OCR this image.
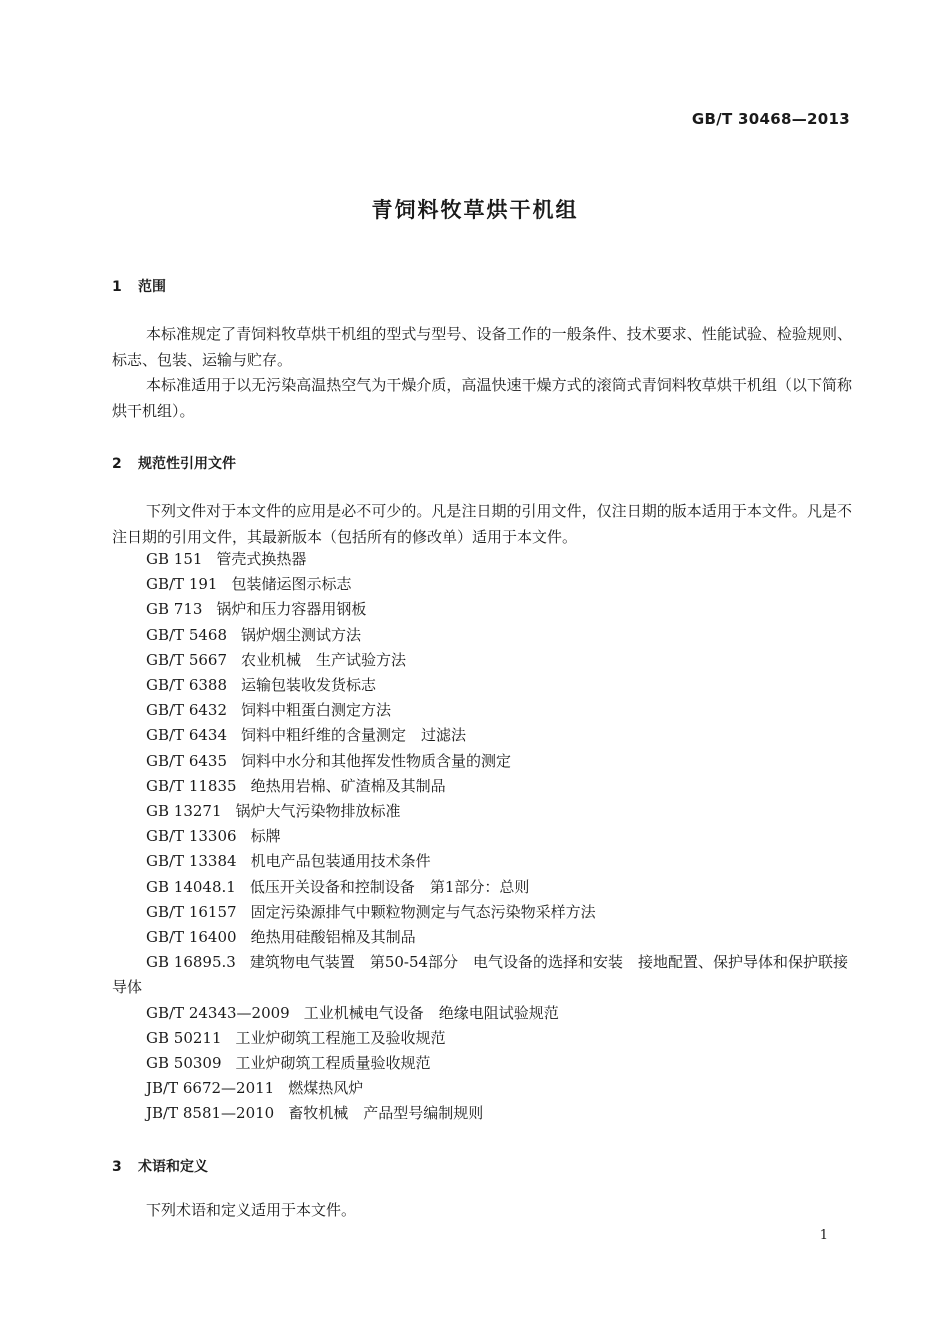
GB/T 30468—2013
青饲料牧草烘干机组
1 范围

本标准规定了青饲料牧草烘干机组的型式与型号、设备工作的一般条件、技术要求、性能试验、检验规则、标志、包装、运输与贮存。

本标准适用于以无污染高温热空气为干燥介质，高温快速干燥方式的滚筒式青饲料牧草烘干机组（以下简称烘干机组）。

2 规范性引用文件

下列文件对于本文件的应用是必不可少的。凡是注日期的引用文件，仅注日期的版本适用于本文件。凡是不注日期的引用文件，其最新版本（包括所有的修改单）适用于本文件。

GB 151 管壳式换热器
GB/T 191 包装储运图示标志
GB 713 锅炉和压力容器用钢板
GB/T 5468 锅炉烟尘测试方法
GB/T 5667 农业机械　生产试验方法
GB/T 6388 运输包装收发货标志
GB/T 6432 饲料中粗蛋白测定方法
GB/T 6434 饲料中粗纤维的含量测定　过滤法
GB/T 6435 饲料中水分和其他挥发性物质含量的测定
GB/T 11835 绝热用岩棉、矿渣棉及其制品
GB 13271 锅炉大气污染物排放标准
GB/T 13306 标牌
GB/T 13384 机电产品包装通用技术条件
GB 14048.1 低压开关设备和控制设备　第1部分：总则
GB/T 16157 固定污染源排气中颗粒物测定与气态污染物采样方法
GB/T 16400 绝热用硅酸铝棉及其制品
GB 16895.3 建筑物电气装置　第50-54部分　电气设备的选择和安装　接地配置、保护导体和保护联接导体
GB/T 24343—2009 工业机械电气设备　绝缘电阻试验规范
GB 50211 工业炉砌筑工程施工及验收规范
GB 50309 工业炉砌筑工程质量验收规范
JB/T 6672—2011 燃煤热风炉
JB/T 8581—2010 畜牧机械　产品型号编制规则
3 术语和定义

下列术语和定义适用于本文件。

1
